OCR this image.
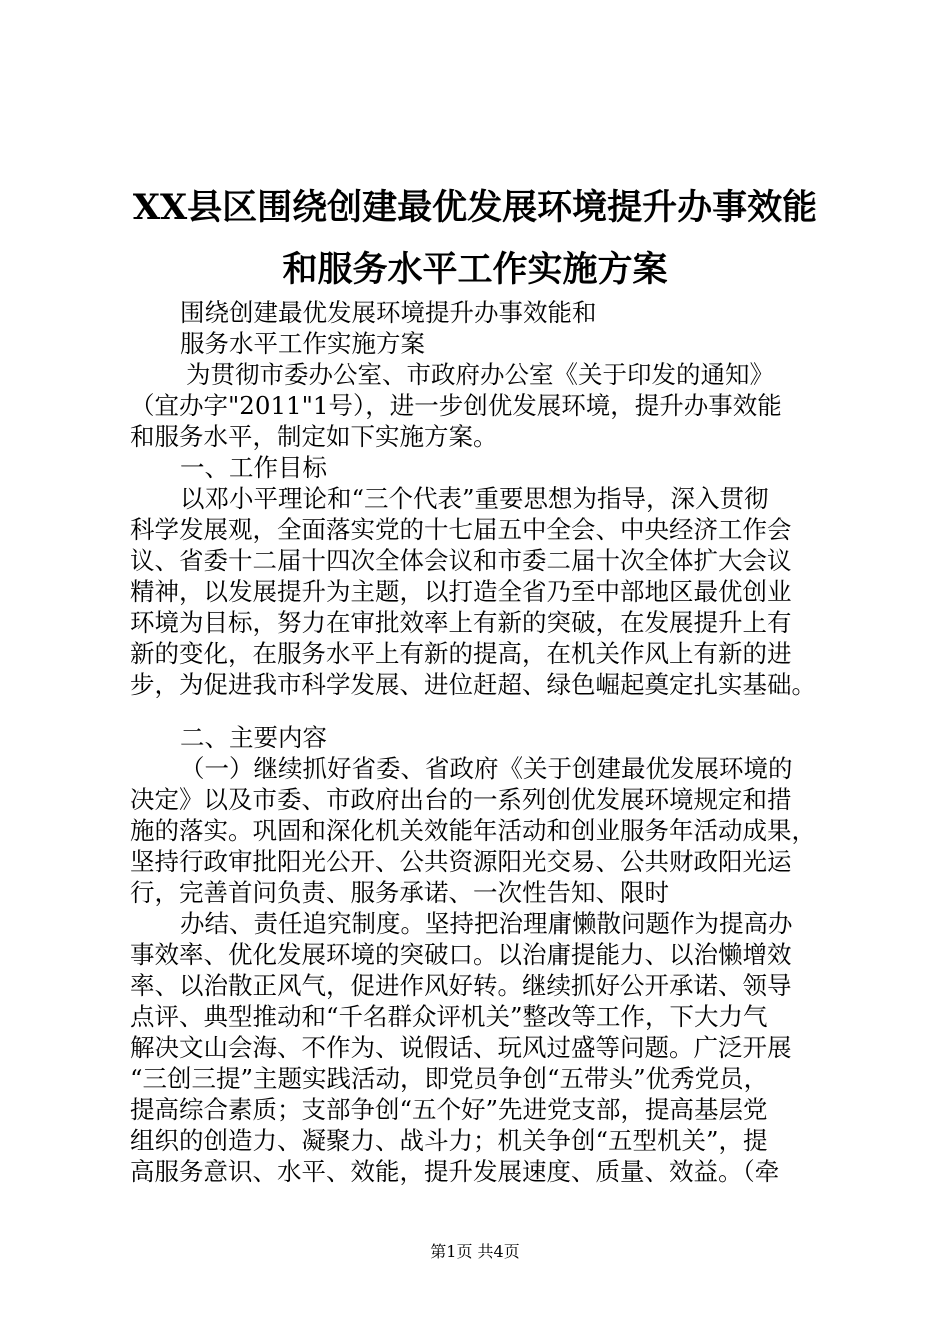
XX县区围绕创建最优发展环境提升办事效能
和服务水平工作实施方案
围绕创建最优发展环境提升办事效能和
服务水平工作实施方案
为贯彻市委办公室、市政府办公室《关于印发的通知》
（宜办字"2011"1号），进一步创优发展环境，提升办事效能
和服务水平，制定如下实施方案。
一、工作目标
以邓小平理论和“三个代表”重要思想为指导，深入贯彻
科学发展观，全面落实党的十七届五中全会、中央经济工作会
议、省委十二届十四次全体会议和市委二届十次全体扩大会议
精神，以发展提升为主题，以打造全省乃至中部地区最优创业
环境为目标，努力在审批效率上有新的突破，在发展提升上有
新的变化，在服务水平上有新的提高，在机关作风上有新的进
步，为促进我市科学发展、进位赶超、绿色崛起奠定扎实基础。
二、主要内容
（一）继续抓好省委、省政府《关于创建最优发展环境的
决定》以及市委、市政府出台的一系列创优发展环境规定和措
施的落实。巩固和深化机关效能年活动和创业服务年活动成果，
坚持行政审批阳光公开、公共资源阳光交易、公共财政阳光运
行，完善首问负责、服务承诺、一次性告知、限时
办结、责任追究制度。坚持把治理庸懒散问题作为提高办
事效率、优化发展环境的突破口。以治庸提能力、以治懒增效
率、以治散正风气，促进作风好转。继续抓好公开承诺、领导
点评、典型推动和“千名群众评机关”整改等工作，下大力气
解决文山会海、不作为、说假话、玩风过盛等问题。广泛开展
“三创三提”主题实践活动，即党员争创“五带头”优秀党员，
提高综合素质；支部争创“五个好”先进党支部，提高基层党
组织的创造力、凝聚力、战斗力；机关争创“五型机关”，提
高服务意识、水平、效能，提升发展速度、质量、效益。（牵
第1页 共4页
